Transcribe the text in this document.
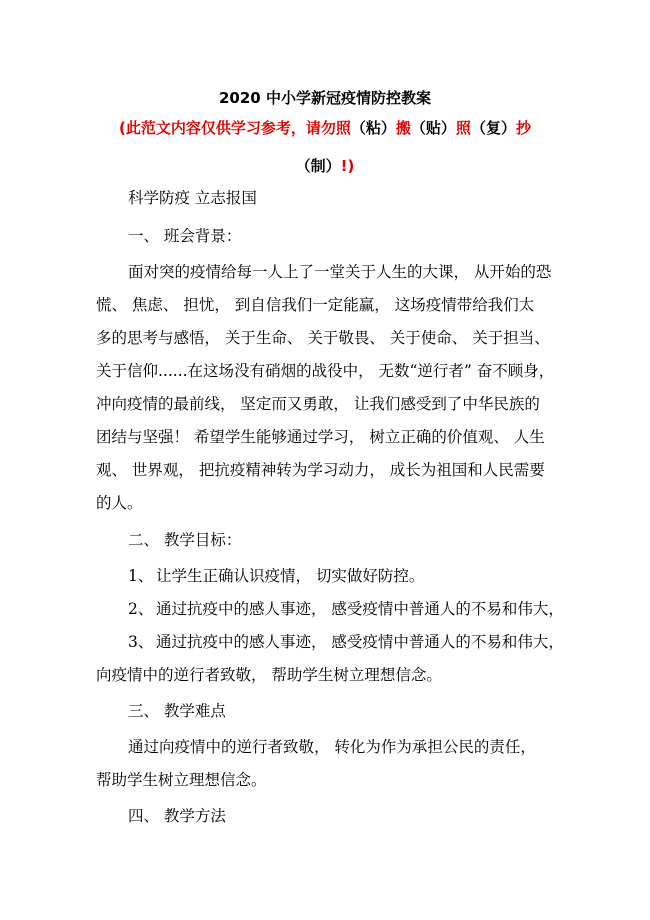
2020 中小学新冠疫情防控教案
(此范文内容仅供学习参考，请勿照（粘）搬（贴）照（复）抄
（制）!)
科学防疫 立志报国
一、 班会背景：
面对突的疫情给每一人上了一堂关于人生的大课， 从开始的恐
慌、 焦虑、 担忧， 到自信我们一定能赢， 这场疫情带给我们太
多的思考与感悟， 关于生命、 关于敬畏、 关于使命、 关于担当、
关于信仰......在这场没有硝烟的战役中， 无数“逆行者” 奋不顾身，
冲向疫情的最前线， 坚定而又勇敢， 让我们感受到了中华民族的
团结与坚强！ 希望学生能够通过学习， 树立正确的价值观、 人生
观、 世界观， 把抗疫精神转为学习动力， 成长为祖国和人民需要
的人。
二、 教学目标：
1、 让学生正确认识疫情， 切实做好防控。
2、 通过抗疫中的感人事迹， 感受疫情中普通人的不易和伟大，
3、 通过抗疫中的感人事迹， 感受疫情中普通人的不易和伟大，
向疫情中的逆行者致敬， 帮助学生树立理想信念。
三、 教学难点
通过向疫情中的逆行者致敬， 转化为作为承担公民的责任，
帮助学生树立理想信念。
四、 教学方法
